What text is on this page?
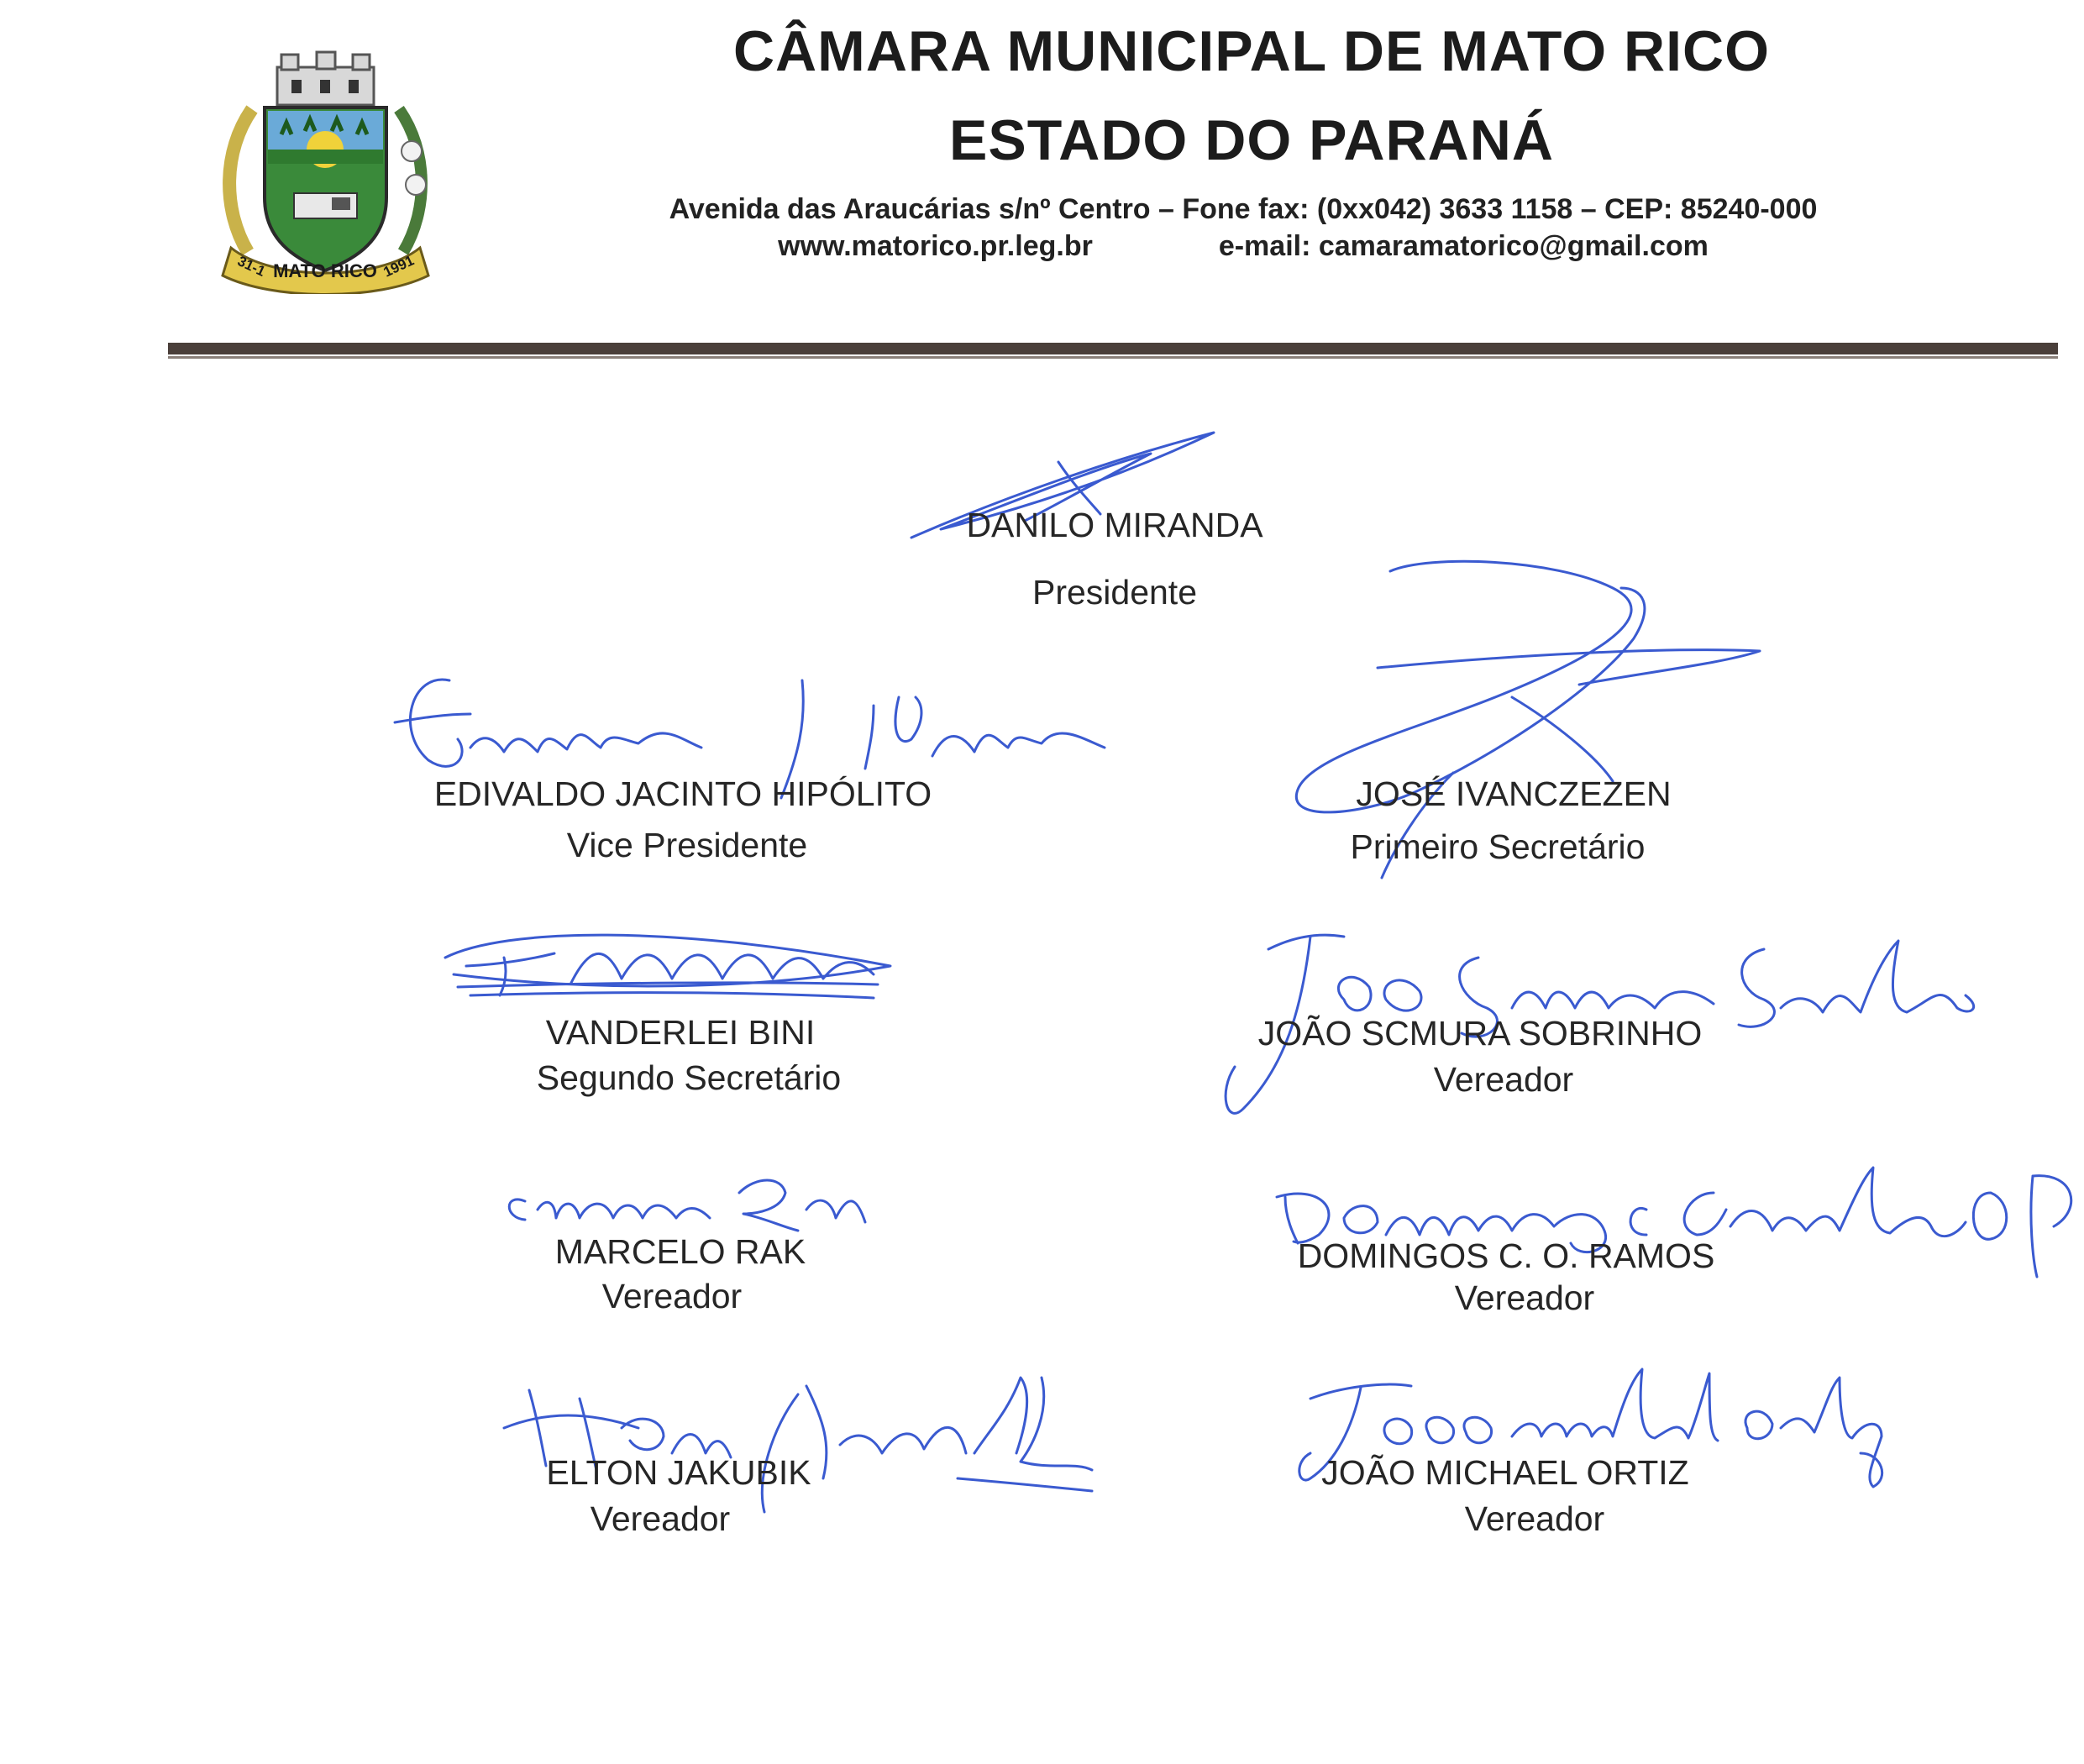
MATO RICO
31-1	1991
CÂMARA MUNICIPAL DE MATO RICO
ESTADO DO PARANÁ
Avenida das Araucárias s/nº Centro – Fone fax: (0xx042) 3633 1158 – CEP: 85240-000
www.matorico.pr.leg.br	e-mail: camaramatorico@gmail.com
DANILO MIRANDA
Presidente
EDIVALDO JACINTO HIPÓLITO
Vice Presidente
JOSÉ IVANCZEZEN
Primeiro Secretário
VANDERLEI BINI
Segundo Secretário
JOÃO SCMURA SOBRINHO
Vereador
MARCELO RAK
Vereador
DOMINGOS C. O. RAMOS
Vereador
ELTON JAKUBIK
Vereador
JOÃO MICHAEL ORTIZ
Vereador
